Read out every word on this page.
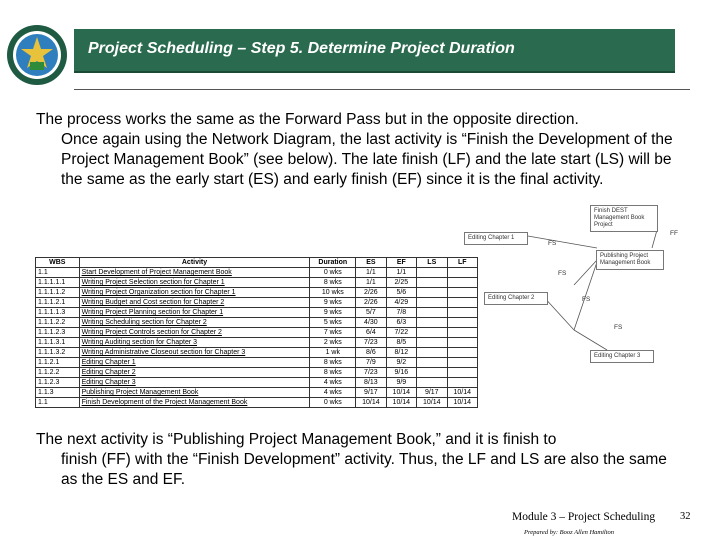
Project Scheduling – Step 5. Determine Project Duration
The process works the same as the Forward Pass but in the opposite direction.
Once again using the Network Diagram, the last activity is “Finish the Development of the Project Management Book” (see below). The late finish (LF) and the late start (LS) will be the same as the early start (ES) and early finish (EF) since it is the final activity.
WBS	Activity	Duration	ES	EF	LS	LF
1.1	Start Development of Project Management Book	0 wks	1/1	1/1		
1.1.1.1.1	Writing Project Selection section for Chapter 1	8 wks	1/1	2/25		
1.1.1.1.2	Writing Project Organization section for Chapter 1	10 wks	2/26	5/6		
1.1.1.2.1	Writing Budget and Cost section for Chapter 2	9 wks	2/26	4/29		
1.1.1.1.3	Writing Project Planning section for Chapter 1	9 wks	5/7	7/8		
1.1.1.2.2	Writing Scheduling section for Chapter 2	5 wks	4/30	6/3		
1.1.1.2.3	Writing Project Controls section for Chapter 2	7 wks	6/4	7/22		
1.1.1.3.1	Writing Auditing section for Chapter 3	2 wks	7/23	8/5		
1.1.1.3.2	Writing Administrative Closeout section for Chapter 3	1 wk	8/6	8/12		
1.1.2.1	Editing Chapter 1	8 wks	7/9	9/2		
1.1.2.2	Editing Chapter 2	8 wks	7/23	9/16		
1.1.2.3	Editing Chapter 3	4 wks	8/13	9/9		
1.1.3	Publishing Project Management Book	4 wks	9/17	10/14	9/17	10/14
1.1	Finish Development of the Project Management Book	0 wks	10/14	10/14	10/14	10/14
Finish DEST Management Book Project
Editing Chapter 1
Publishing Project Management Book
Editing Chapter 2
Editing Chapter 3
FS
FS
FS
FS
FF
The next activity is “Publishing Project Management Book,” and it is finish to
finish (FF) with the “Finish Development” activity. Thus, the LF and LS are also the same as the ES and EF.
Module 3 – Project Scheduling
Prepared by: Booz Allen Hamilton
32
